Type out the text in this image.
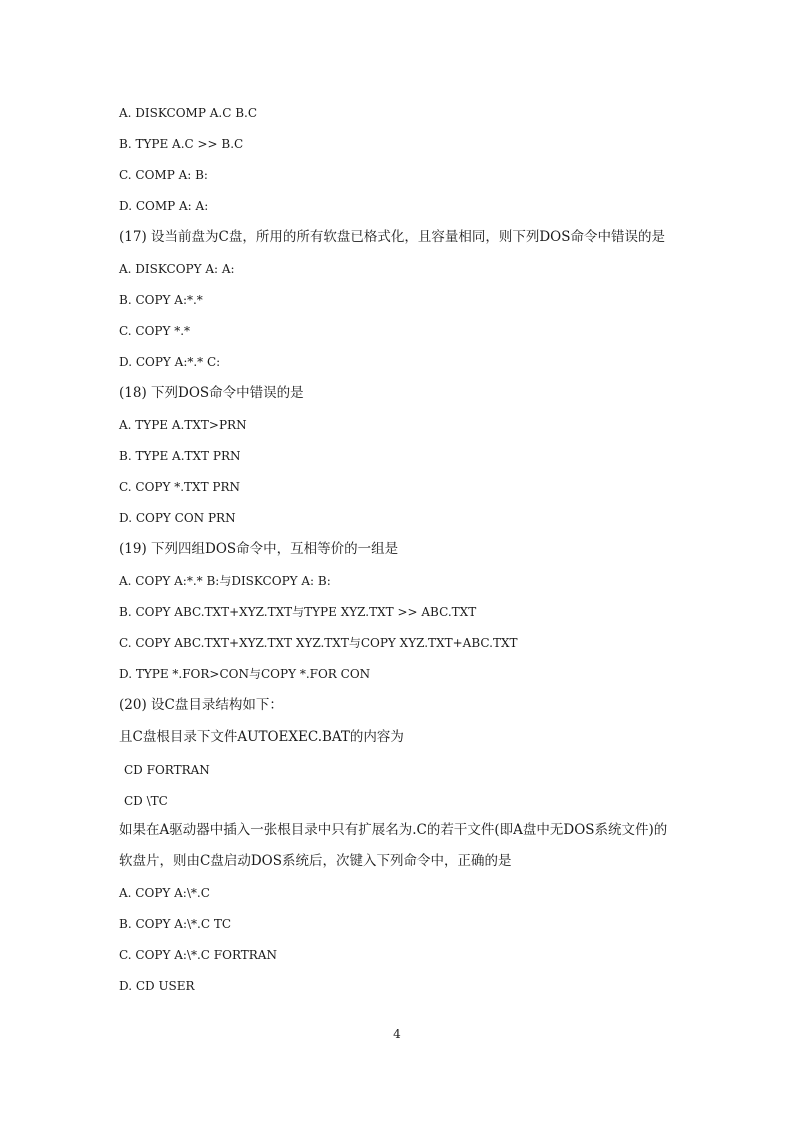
A. DISKCOMP A.C B.C
B. TYPE A.C >> B.C
C. COMP A: B:
D. COMP A: A:
(17) 设当前盘为C盘，所用的所有软盘已格式化，且容量相同，则下列DOS命令中错误的是
A. DISKCOPY A: A:
B. COPY A:*.*
C. COPY *.*
D. COPY A:*.* C:
(18) 下列DOS命令中错误的是
A. TYPE A.TXT>PRN
B. TYPE A.TXT PRN
C. COPY *.TXT PRN
D. COPY CON PRN
(19) 下列四组DOS命令中，互相等价的一组是
A. COPY A:*.* B:与DISKCOPY A: B:
B. COPY ABC.TXT+XYZ.TXT与TYPE XYZ.TXT >> ABC.TXT
C. COPY ABC.TXT+XYZ.TXT XYZ.TXT与COPY XYZ.TXT+ABC.TXT
D. TYPE *.FOR>CON与COPY *.FOR CON
(20) 设C盘目录结构如下：
且C盘根目录下文件AUTOEXEC.BAT的内容为
CD FORTRAN
CD \TC
如果在A驱动器中插入一张根目录中只有扩展名为.C的若干文件(即A盘中无DOS系统文件)的
软盘片，则由C盘启动DOS系统后，次键入下列命令中，正确的是
A. COPY A:\*.C
B. COPY A:\*.C TC
C. COPY A:\*.C FORTRAN
D. CD USER
4
